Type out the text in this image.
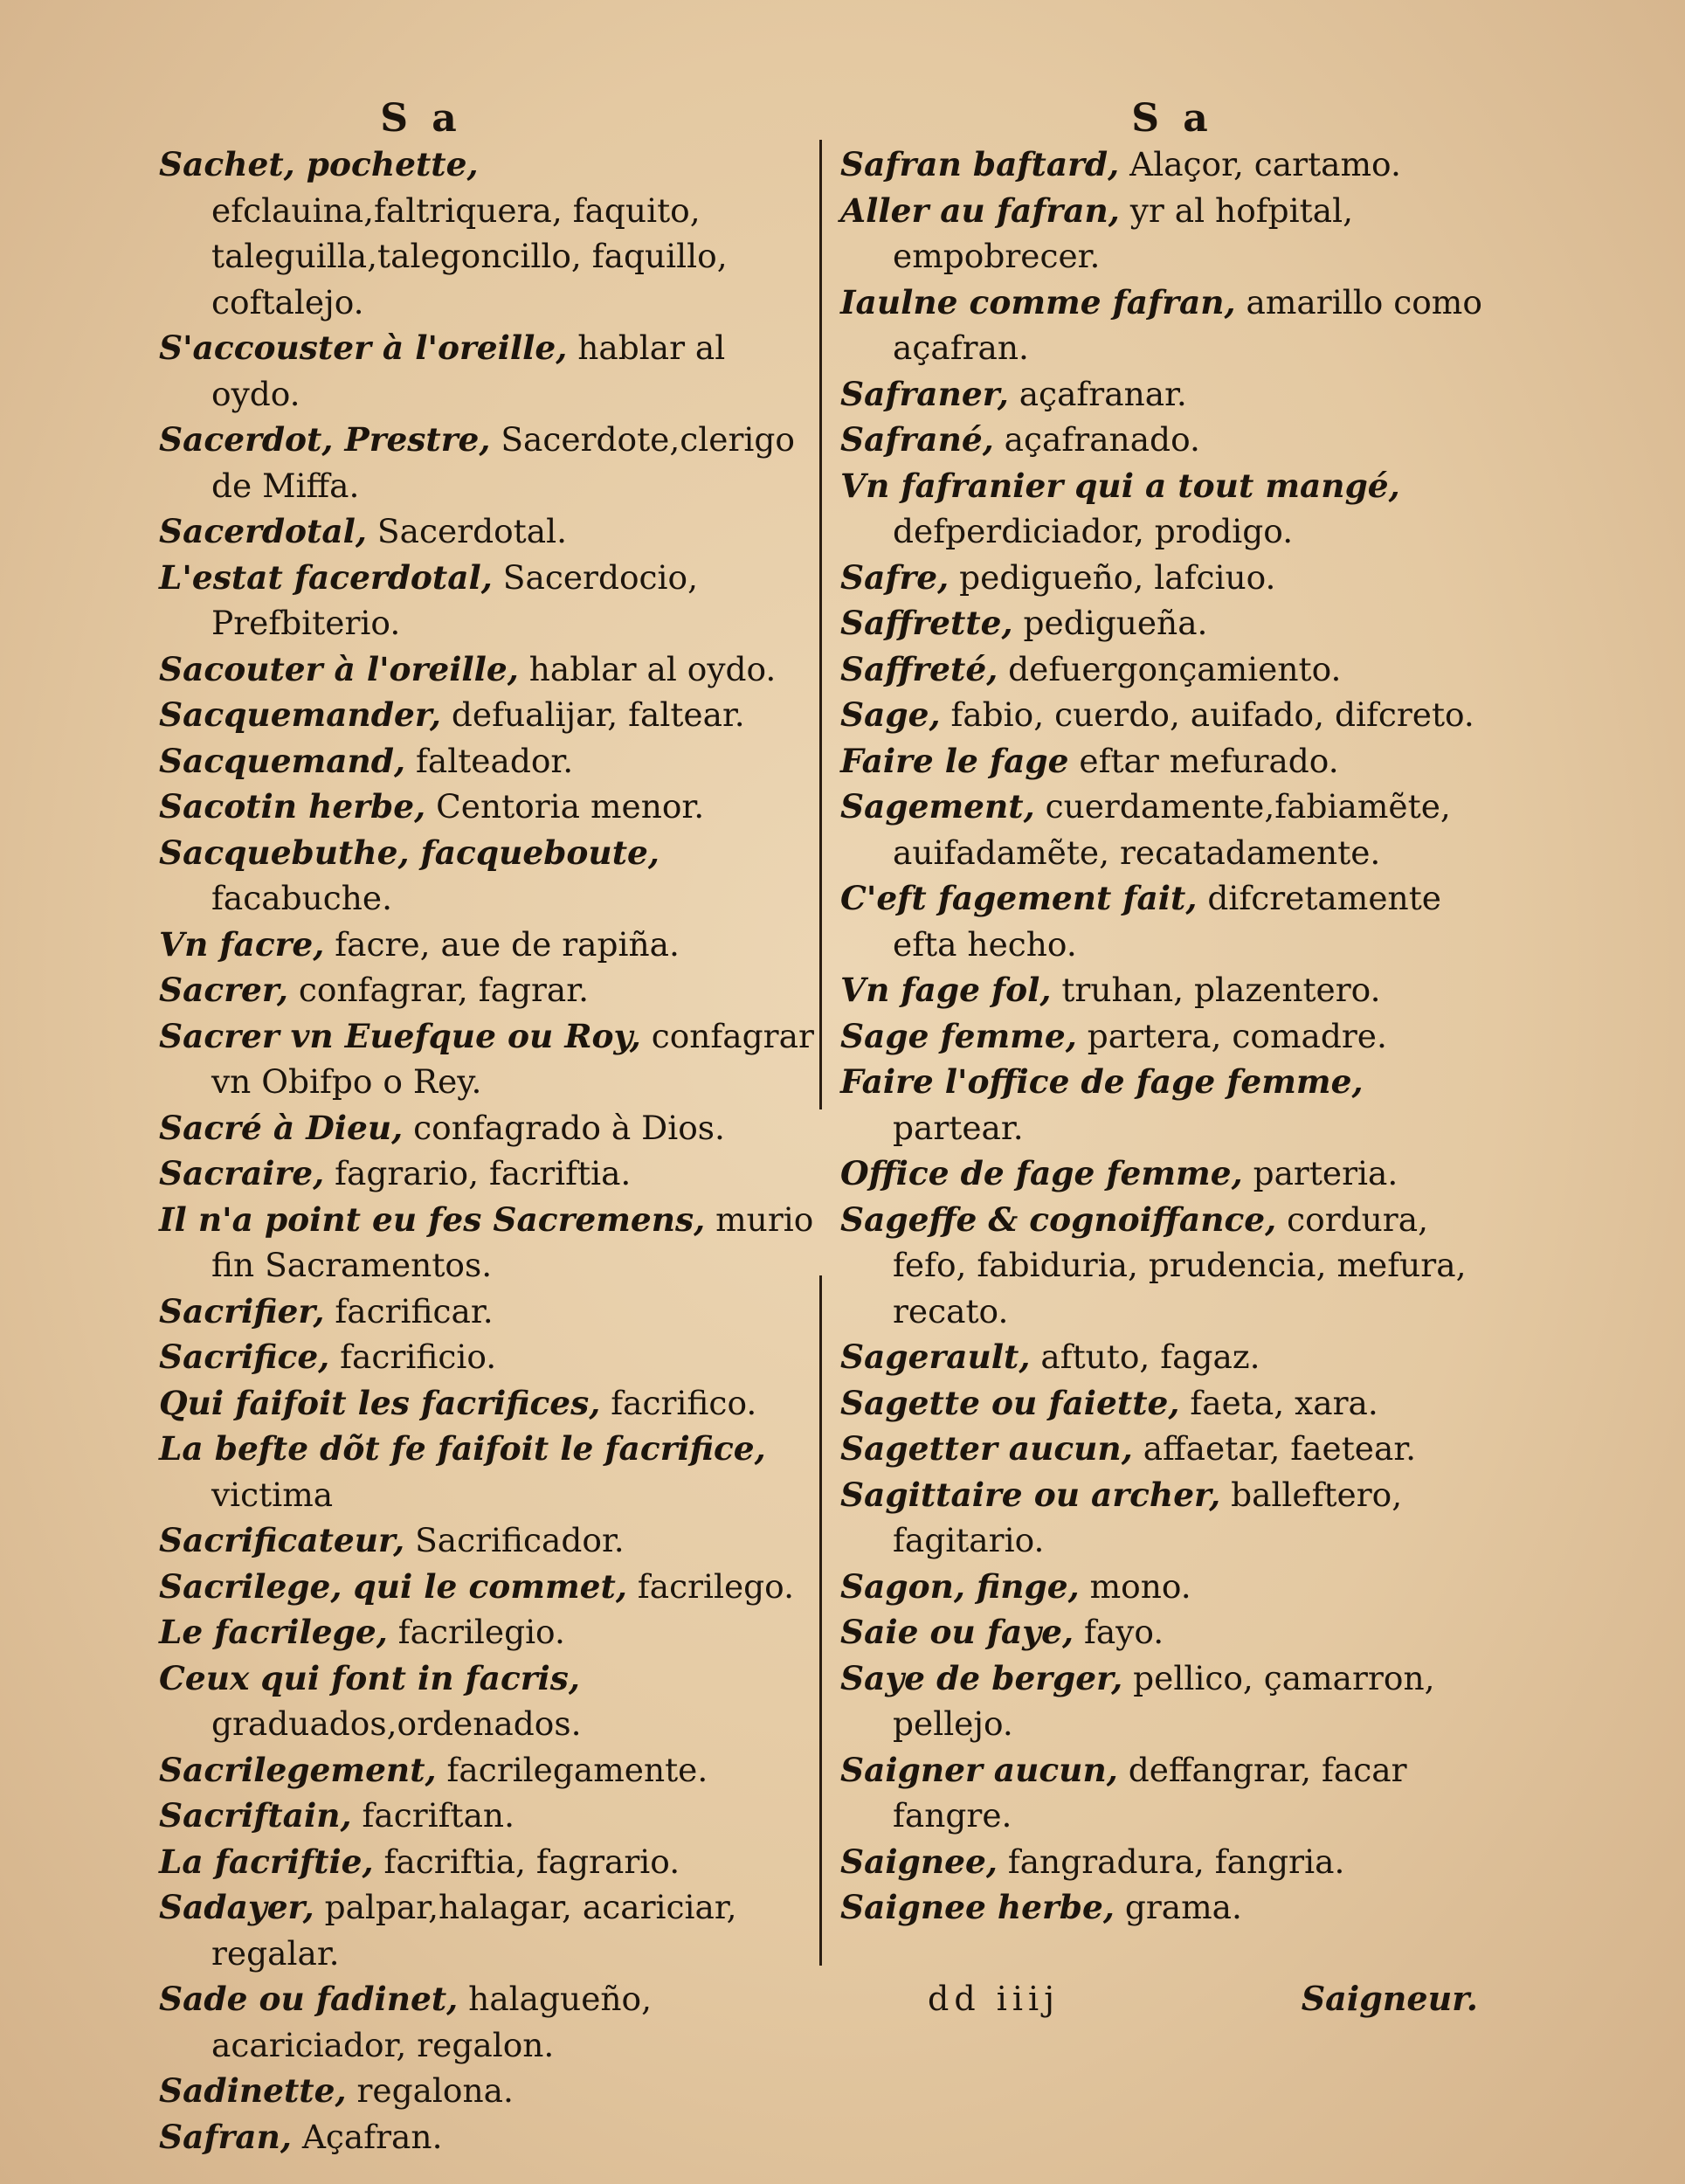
S a

Sachet, pochette, efclauina,faltriquera, faquito, taleguilla,talegoncillo, faquillo, coftalejo.

S'accouster à l'oreille, hablar al oydo.

Sacerdot, Prestre, Sacerdote,clerigo de Miffa.

Sacerdotal, Sacerdotal.

L'estat facerdotal, Sacerdocio, Prefbiterio.

Sacouter à l'oreille, hablar al oydo.

Sacquemander, defualijar, faltear.

Sacquemand, falteador.

Sacotin herbe, Centoria menor.

Sacquebuthe, facqueboute, facabuche.

Vn facre, facre, aue de rapiña.

Sacrer, confagrar, fagrar.

Sacrer vn Euefque ou Roy, confagrar vn Obifpo o Rey.

Sacré à Dieu, confagrado à Dios.

Sacraire, fagrario, facriftia.

Il n'a point eu fes Sacremens, murio fin Sacramentos.

Sacrifier, facrificar.

Sacrifice, facrificio.

Qui faifoit les facrifices, facrifico.

La befte dõt fe faifoit le facrifice, victima

Sacrificateur, Sacrificador.

Sacrilege, qui le commet, facrilego.

Le facrilege, facrilegio.

Ceux qui font in facris, graduados,ordenados.

Sacrilegement, facrilegamente.

Sacriftain, facriftan.

La facriftie, facriftia, fagrario.

Sadayer, palpar,halagar, acariciar, regalar.

Sade ou fadinet, halagueño, acariciador, regalon.

Sadinette, regalona.

Safran, Açafran.

S a

Safran baftard, Alaçor, cartamo.

Aller au fafran, yr al hofpital, empobrecer.

Iaulne comme fafran, amarillo como açafran.

Safraner, açafranar.

Safrané, açafranado.

Vn fafranier qui a tout mangé, defperdiciador, prodigo.

Safre, pedigueño, lafciuo.

Saffrette, pedigueña.

Saffreté, defuergonçamiento.

Sage, fabio, cuerdo, auifado, difcreto.

Faire le fage eftar mefurado.

Sagement, cuerdamente,fabiamẽte, auifadamẽte, recatadamente.

C'eft fagement fait, difcretamente efta hecho.

Vn fage fol, truhan, plazentero.

Sage femme, partera, comadre.

Faire l'office de fage femme, partear.

Office de fage femme, parteria.

Sageffe & cognoiffance, cordura, fefo, fabiduria, prudencia, mefura, recato.

Sagerault, aftuto, fagaz.

Sagette ou faiette, faeta, xara.

Sagetter aucun, affaetar, faetear.

Sagittaire ou archer, balleftero, fagitario.

Sagon, finge, mono.

Saie ou faye, fayo.

Saye de berger, pellico, çamarron, pellejo.

Saigner aucun, deffangrar, facar fangre.

Saignee, fangradura, fangria.

Saignee herbe, grama.

dd iiij	Saigneur.
